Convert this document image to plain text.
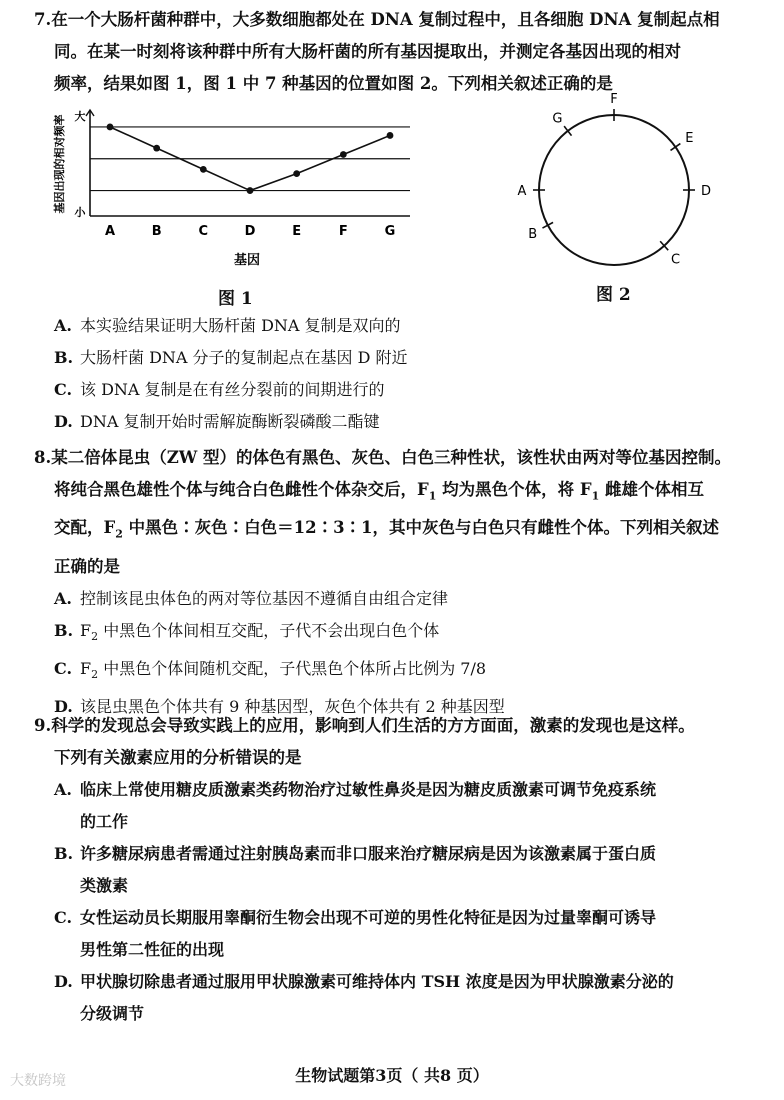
7.在一个大肠杆菌种群中，大多数细胞都处在 DNA 复制过程中，且各细胞 DNA 复制起点相

同。在某一时刻将该种群中所有大肠杆菌的所有基因提取出，并测定各基因出现的相对

频率，结果如图 1，图 1 中 7 种基因的位置如图 2。下列相关叙述正确的是

A	B	C	D	E	F	G
基因出现的相对频率 大
小
基因
图 1
F
E
D
C
B
A
G
图 2

A. 本实验结果证明大肠杆菌 DNA 复制是双向的

B. 大肠杆菌 DNA 分子的复制起点在基因 D 附近

C. 该 DNA 复制是在有丝分裂前的间期进行的

D. DNA 复制开始时需解旋酶断裂磷酸二酯键

8.某二倍体昆虫（ZW 型）的体色有黑色、灰色、白色三种性状，该性状由两对等位基因控制。

将纯合黑色雄性个体与纯合白色雌性个体杂交后，$F_1$ 均为黑色个体，将 $F_1$ 雌雄个体相互

交配，$F_2$ 中黑色∶灰色∶白色＝12∶3∶1，其中灰色与白色只有雌性个体。下列相关叙述

正确的是

A. 控制该昆虫体色的两对等位基因不遵循自由组合定律

B. $F_2$ 中黑色个体间相互交配，子代不会出现白色个体

C. $F_2$ 中黑色个体间随机交配，子代黑色个体所占比例为 7/8

D. 该昆虫黑色个体共有 9 种基因型，灰色个体共有 2 种基因型

9.科学的发现总会导致实践上的应用，影响到人们生活的方方面面，激素的发现也是这样。

下列有关激素应用的分析错误的是

A. 临床上常使用糖皮质激素类药物治疗过敏性鼻炎是因为糖皮质激素可调节免疫系统

的工作

B. 许多糖尿病患者需通过注射胰岛素而非口服来治疗糖尿病是因为该激素属于蛋白质

类激素

C. 女性运动员长期服用睾酮衍生物会出现不可逆的男性化特征是因为过量睾酮可诱导

男性第二性征的出现

D. 甲状腺切除患者通过服用甲状腺激素可维持体内 TSH 浓度是因为甲状腺激素分泌的

分级调节

生物试题第3页（ 共8 页）
大数跨境
